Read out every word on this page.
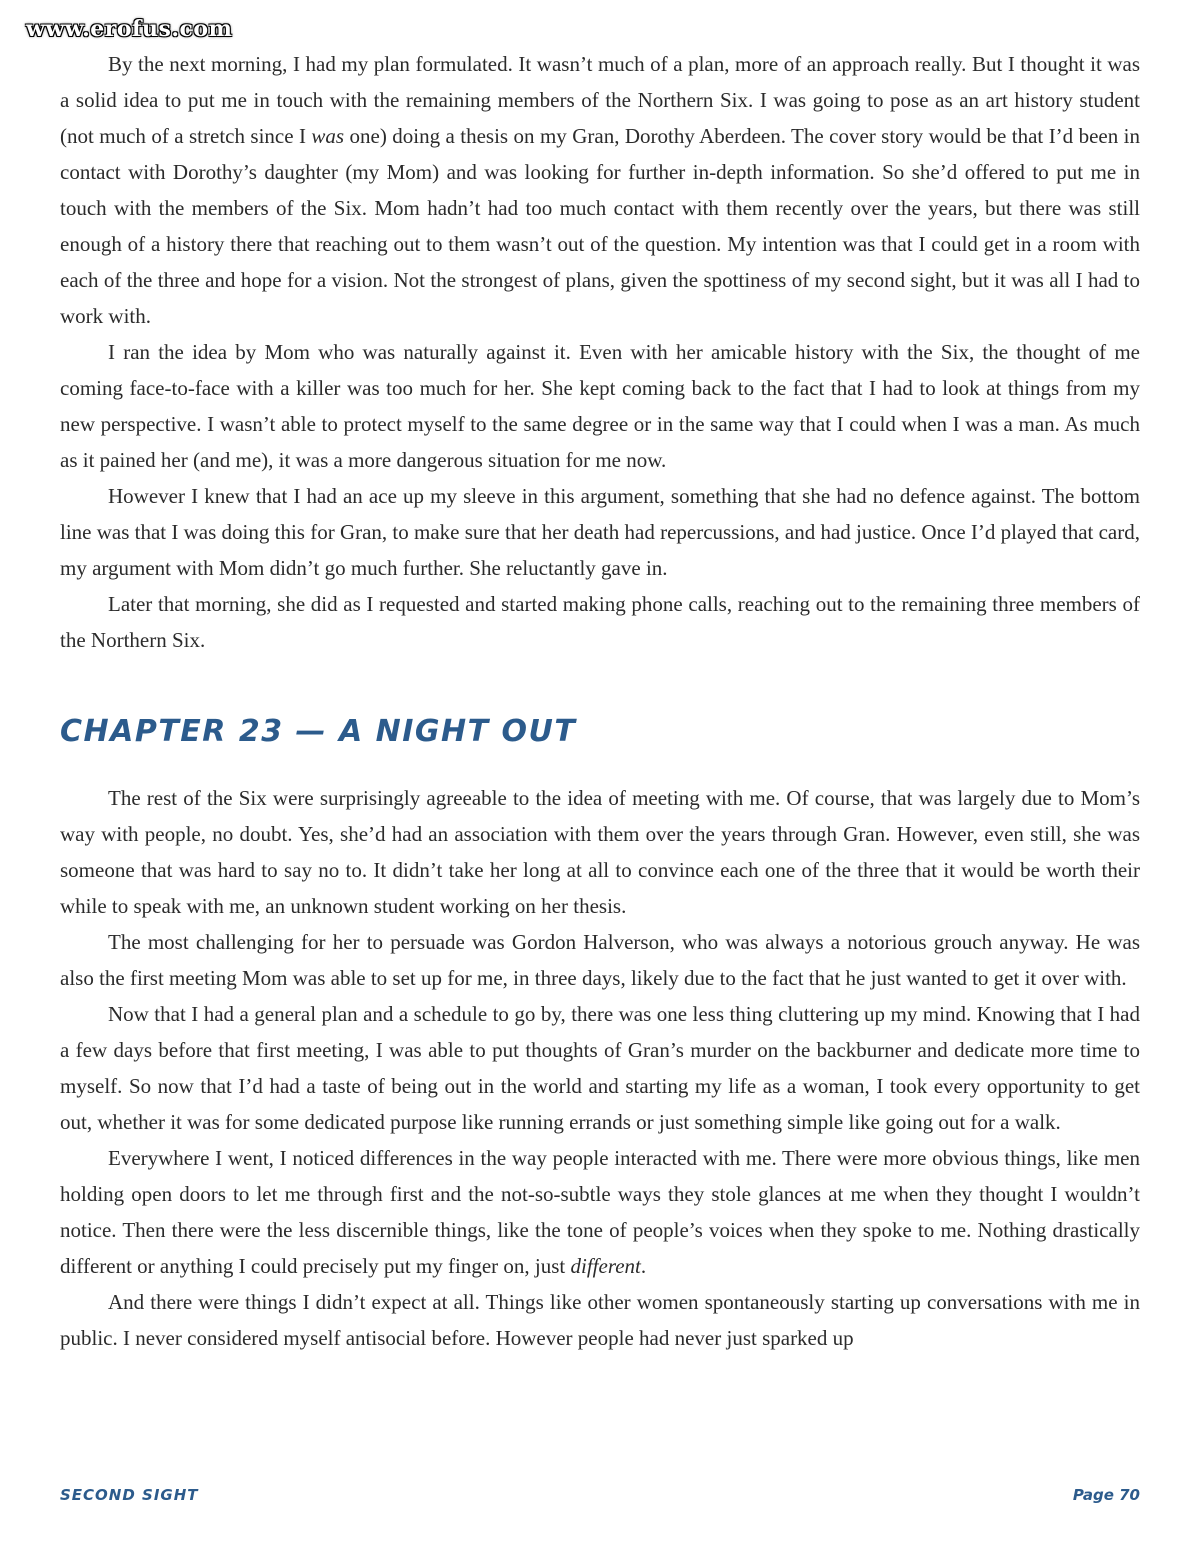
www.erofus.com

By the next morning, I had my plan formulated. It wasn’t much of a plan, more of an approach really. But I thought it was a solid idea to put me in touch with the remaining members of the Northern Six. I was going to pose as an art history student (not much of a stretch since I was one) doing a thesis on my Gran, Dorothy Aberdeen. The cover story would be that I’d been in contact with Dorothy’s daughter (my Mom) and was looking for further in-depth information. So she’d offered to put me in touch with the members of the Six. Mom hadn’t had too much contact with them recently over the years, but there was still enough of a history there that reaching out to them wasn’t out of the question. My intention was that I could get in a room with each of the three and hope for a vision. Not the strongest of plans, given the spottiness of my second sight, but it was all I had to work with.

I ran the idea by Mom who was naturally against it. Even with her amicable history with the Six, the thought of me coming face-to-face with a killer was too much for her. She kept coming back to the fact that I had to look at things from my new perspective. I wasn’t able to protect myself to the same degree or in the same way that I could when I was a man. As much as it pained her (and me), it was a more dangerous situation for me now.

However I knew that I had an ace up my sleeve in this argument, something that she had no defence against. The bottom line was that I was doing this for Gran, to make sure that her death had repercussions, and had justice. Once I’d played that card, my argument with Mom didn’t go much further. She reluctantly gave in.

Later that morning, she did as I requested and started making phone calls, reaching out to the remaining three members of the Northern Six.

CHAPTER 23 — A NIGHT OUT

The rest of the Six were surprisingly agreeable to the idea of meeting with me. Of course, that was largely due to Mom’s way with people, no doubt. Yes, she’d had an association with them over the years through Gran. However, even still, she was someone that was hard to say no to. It didn’t take her long at all to convince each one of the three that it would be worth their while to speak with me, an unknown student working on her thesis.

The most challenging for her to persuade was Gordon Halverson, who was always a notorious grouch anyway. He was also the first meeting Mom was able to set up for me, in three days, likely due to the fact that he just wanted to get it over with.

Now that I had a general plan and a schedule to go by, there was one less thing cluttering up my mind. Knowing that I had a few days before that first meeting, I was able to put thoughts of Gran’s murder on the backburner and dedicate more time to myself. So now that I’d had a taste of being out in the world and starting my life as a woman, I took every opportunity to get out, whether it was for some dedicated purpose like running errands or just something simple like going out for a walk.

Everywhere I went, I noticed differences in the way people interacted with me. There were more obvious things, like men holding open doors to let me through first and the not-so-subtle ways they stole glances at me when they thought I wouldn’t notice. Then there were the less discernible things, like the tone of people’s voices when they spoke to me. Nothing drastically different or anything I could precisely put my finger on, just different.

And there were things I didn’t expect at all. Things like other women spontaneously starting up conversations with me in public. I never considered myself antisocial before. However people had never just sparked up

SECOND SIGHT	Page 70
